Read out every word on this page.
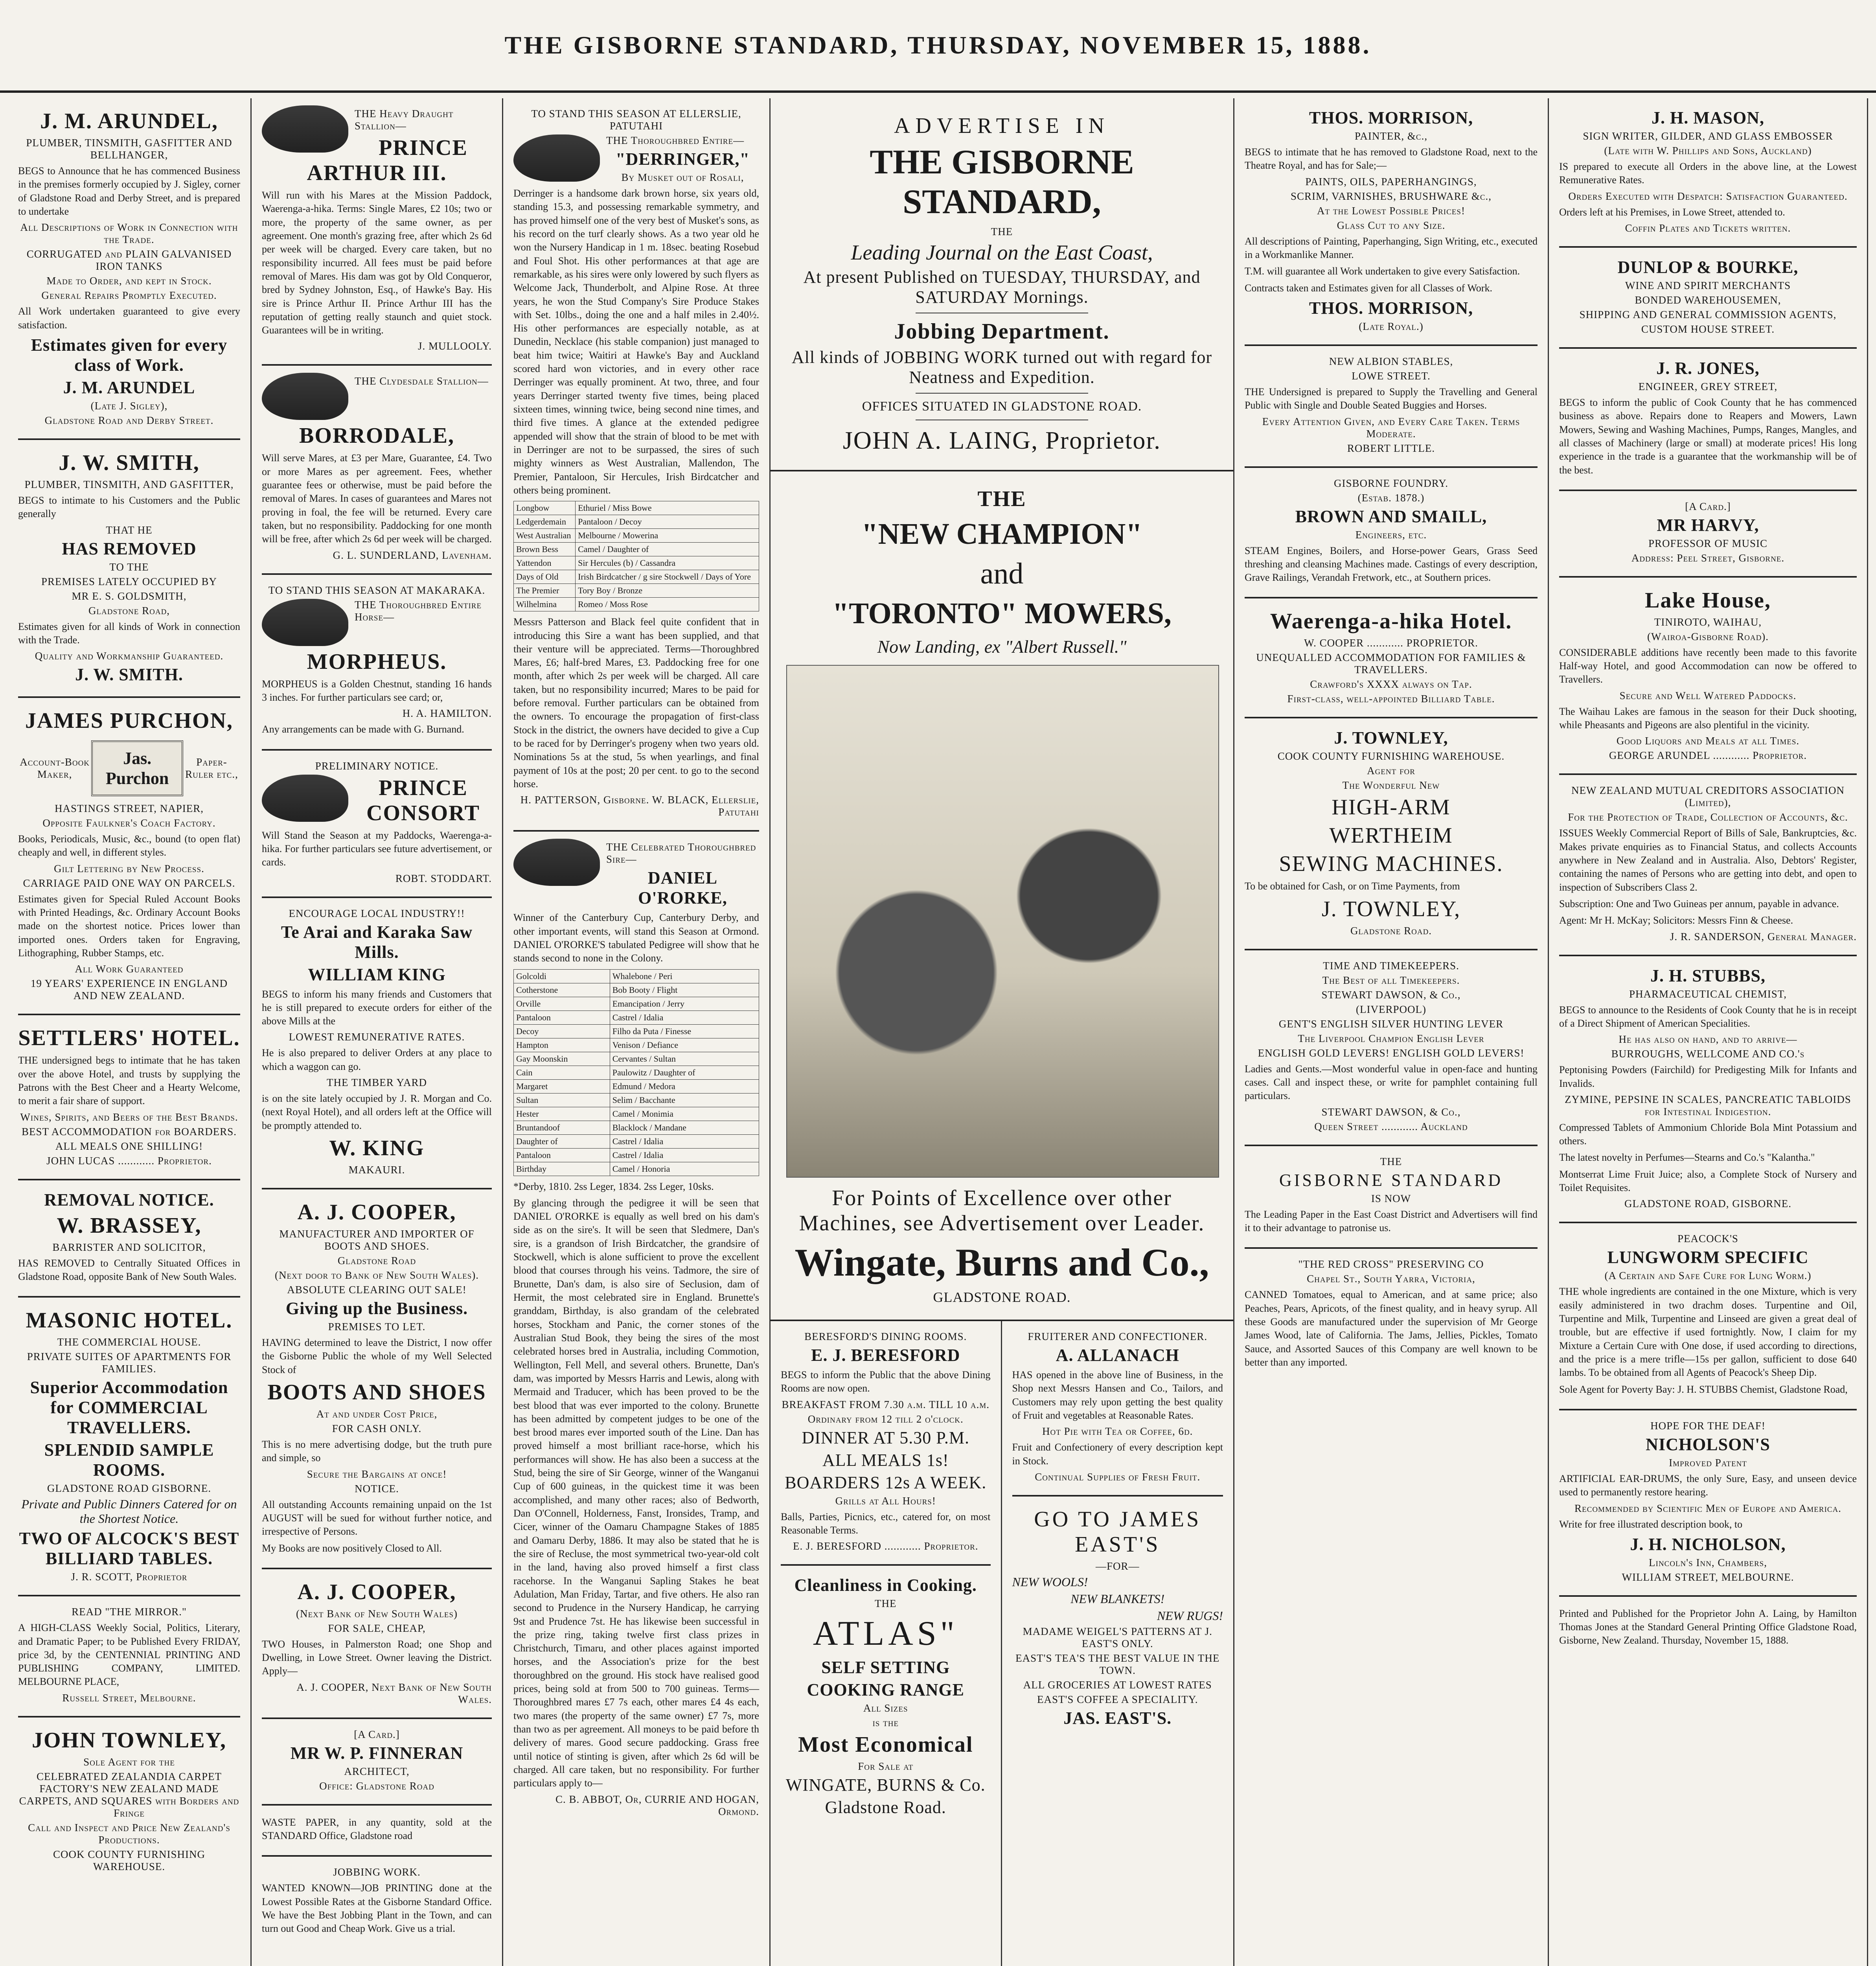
THE GISBORNE STANDARD, THURSDAY, NOVEMBER 15, 1888.
J. M. ARUNDEL,
PLUMBER, TINSMITH, GASFITTER AND BELLHANGER,
BEGS to Announce that he has commenced Business in the premises formerly occupied by J. Sigley, corner of Gladstone Road and Derby Street, and is prepared to undertake
All Descriptions of Work in Connection with the Trade.
CORRUGATED and PLAIN GALVANISED IRON TANKS
Made to Order, and kept in Stock.
General Repairs Promptly Executed.
All Work undertaken guaranteed to give every satisfaction.
Estimates given for every class of Work.
J. M. ARUNDEL
(Late J. Sigley),
Gladstone Road and Derby Street.
J. W. SMITH,
PLUMBER, TINSMITH, AND GASFITTER,
BEGS to intimate to his Customers and the Public generally
THAT HE
HAS REMOVED
TO THE
PREMISES LATELY OCCUPIED BY
MR E. S. GOLDSMITH,
Gladstone Road,
Estimates given for all kinds of Work in connection with the Trade.
Quality and Workmanship Guaranteed.
J. W. SMITH.
JAMES PURCHON,
Account-Book Maker,
Jas. Purchon
Paper-Ruler etc.,
HASTINGS STREET, NAPIER,
Opposite Faulkner's Coach Factory.
Books, Periodicals, Music, &c., bound (to open flat) cheaply and well, in different styles.
Gilt Lettering by New Process.
CARRIAGE PAID ONE WAY ON PARCELS.
Estimates given for Special Ruled Account Books with Printed Headings, &c. Ordinary Account Books made on the shortest notice. Prices lower than imported ones. Orders taken for Engraving, Lithographing, Rubber Stamps, etc.
All Work Guaranteed
19 YEARS' EXPERIENCE IN ENGLAND AND NEW ZEALAND.
SETTLERS' HOTEL.
THE undersigned begs to intimate that he has taken over the above Hotel, and trusts by supplying the Patrons with the Best Cheer and a Hearty Welcome, to merit a fair share of support.
Wines, Spirits, and Beers of the Best Brands.
BEST ACCOMMODATION for BOARDERS.
ALL MEALS ONE SHILLING!
JOHN LUCAS ............ Proprietor.
REMOVAL NOTICE.
W. BRASSEY,
BARRISTER AND SOLICITOR,
HAS REMOVED to Centrally Situated Offices in Gladstone Road, opposite Bank of New South Wales.
MASONIC HOTEL.
THE COMMERCIAL HOUSE.
PRIVATE SUITES OF APARTMENTS FOR FAMILIES.
Superior Accommodation for COMMERCIAL TRAVELLERS.
SPLENDID SAMPLE ROOMS.
GLADSTONE ROAD GISBORNE.
Private and Public Dinners Catered for on the Shortest Notice.
TWO OF ALCOCK'S BEST BILLIARD TABLES.
J. R. SCOTT, Proprietor
READ "THE MIRROR."
A HIGH-CLASS Weekly Social, Politics, Literary, and Dramatic Paper; to be Published Every FRIDAY, price 3d, by the CENTENNIAL PRINTING AND PUBLISHING COMPANY, LIMITED. MELBOURNE PLACE,
Russell Street, Melbourne.
JOHN TOWNLEY,
Sole Agent for the
CELEBRATED ZEALANDIA CARPET FACTORY'S NEW ZEALAND MADE CARPETS, AND SQUARES with Borders and Fringe
Call and Inspect and Price New Zealand's Productions.
COOK COUNTY FURNISHING WAREHOUSE.
THE Heavy Draught Stallion—
PRINCE ARTHUR III.
Will run with his Mares at the Mission Paddock, Waerenga-a-hika. Terms: Single Mares, £2 10s; two or more, the property of the same owner, as per agreement. One month's grazing free, after which 2s 6d per week will be charged. Every care taken, but no responsibility incurred. All fees must be paid before removal of Mares. His dam was got by Old Conqueror, bred by Sydney Johnston, Esq., of Hawke's Bay. His sire is Prince Arthur II. Prince Arthur III has the reputation of getting really staunch and quiet stock. Guarantees will be in writing.
J. MULLOOLY.
THE Clydesdale Stallion—
BORRODALE,
Will serve Mares, at £3 per Mare, Guarantee, £4. Two or more Mares as per agreement. Fees, whether guarantee fees or otherwise, must be paid before the removal of Mares. In cases of guarantees and Mares not proving in foal, the fee will be returned. Every care taken, but no responsibility. Paddocking for one month will be free, after which 2s 6d per week will be charged.
G. L. SUNDERLAND, Lavenham.
TO STAND THIS SEASON AT MAKARAKA.
THE Thoroughbred Entire Horse—
MORPHEUS.
MORPHEUS is a Golden Chestnut, standing 16 hands 3 inches. For further particulars see card; or,
H. A. HAMILTON.
Any arrangements can be made with G. Burnand.
PRELIMINARY NOTICE.
PRINCE CONSORT
Will Stand the Season at my Paddocks, Waerenga-a-hika. For further particulars see future advertisement, or cards.
ROBT. STODDART.
ENCOURAGE LOCAL INDUSTRY!!
Te Arai and Karaka Saw Mills.
WILLIAM KING
BEGS to inform his many friends and Customers that he is still prepared to execute orders for either of the above Mills at the
LOWEST REMUNERATIVE RATES.
He is also prepared to deliver Orders at any place to which a waggon can go.
THE TIMBER YARD
is on the site lately occupied by J. R. Morgan and Co. (next Royal Hotel), and all orders left at the Office will be promptly attended to.
W. KING
MAKAURI.
A. J. COOPER,
MANUFACTURER AND IMPORTER OF BOOTS AND SHOES.
Gladstone Road
(Next door to Bank of New South Wales).
ABSOLUTE CLEARING OUT SALE!
Giving up the Business.
PREMISES TO LET.
HAVING determined to leave the District, I now offer the Gisborne Public the whole of my Well Selected Stock of
BOOTS AND SHOES
At and under Cost Price,
FOR CASH ONLY.
This is no mere advertising dodge, but the truth pure and simple, so
Secure the Bargains at once!
NOTICE.
All outstanding Accounts remaining unpaid on the 1st AUGUST will be sued for without further notice, and irrespective of Persons.
My Books are now positively Closed to All.
A. J. COOPER,
(Next Bank of New South Wales)
FOR SALE, CHEAP,
TWO Houses, in Palmerston Road; one Shop and Dwelling, in Lowe Street. Owner leaving the District. Apply—
A. J. COOPER, Next Bank of New South Wales.
[A Card.]
MR W. P. FINNERAN
ARCHITECT,
Office: Gladstone Road
WASTE PAPER, in any quantity, sold at the STANDARD Office, Gladstone road
JOBBING WORK.
WANTED KNOWN—JOB PRINTING done at the Lowest Possible Rates at the Gisborne Standard Office. We have the Best Jobbing Plant in the Town, and can turn out Good and Cheap Work. Give us a trial.
TO STAND THIS SEASON AT ELLERSLIE, PATUTAHI
THE Thoroughbred Entire—
"DERRINGER,"
By Musket out of Rosali,
Derringer is a handsome dark brown horse, six years old, standing 15.3, and possessing remarkable symmetry, and has proved himself one of the very best of Musket's sons, as his record on the turf clearly shows. As a two year old he won the Nursery Handicap in 1 m. 18sec. beating Rosebud and Foul Shot. His other performances at that age are remarkable, as his sires were only lowered by such flyers as Welcome Jack, Thunderbolt, and Alpine Rose. At three years, he won the Stud Company's Sire Produce Stakes with Set. 10lbs., doing the one and a half miles in 2.40½. His other performances are especially notable, as at Dunedin, Necklace (his stable companion) just managed to beat him twice; Waitiri at Hawke's Bay and Auckland scored hard won victories, and in every other race Derringer was equally prominent. At two, three, and four years Derringer started twenty five times, being placed sixteen times, winning twice, being second nine times, and third five times. A glance at the extended pedigree appended will show that the strain of blood to be met with in Derringer are not to be surpassed, the sires of such mighty winners as West Australian, Mallendon, The Premier, Pantaloon, Sir Hercules, Irish Birdcatcher and others being prominent.
Longbow	Ethuriel / Miss Bowe
Ledgerdemain	Pantaloon / Decoy
West Australian	Melbourne / Mowerina
Brown Bess	Camel / Daughter of
Yattendon	Sir Hercules (b) / Cassandra
Days of Old	Irish Birdcatcher / g sire Stockwell / Days of Yore
The Premier	Tory Boy / Bronze
Wilhelmina	Romeo / Moss Rose
Messrs Patterson and Black feel quite confident that in introducing this Sire a want has been supplied, and that their venture will be appreciated. Terms—Thoroughbred Mares, £6; half-bred Mares, £3. Paddocking free for one month, after which 2s per week will be charged. All care taken, but no responsibility incurred; Mares to be paid for before removal. Further particulars can be obtained from the owners. To encourage the propagation of first-class Stock in the district, the owners have decided to give a Cup to be raced for by Derringer's progeny when two years old. Nominations 5s at the stud, 5s when yearlings, and final payment of 10s at the post; 20 per cent. to go to the second horse.
H. PATTERSON, Gisborne. W. BLACK, Ellerslie, Patutahi
THE Celebrated Thoroughbred Sire—
DANIEL O'RORKE,
Winner of the Canterbury Cup, Canterbury Derby, and other important events, will stand this Season at Ormond. DANIEL O'RORKE'S tabulated Pedigree will show that he stands second to none in the Colony.
Golcoldi	Whalebone / Peri
Cotherstone	Bob Booty / Flight
Orville	Emancipation / Jerry
Pantaloon	Castrel / Idalia
Decoy	Filho da Puta / Finesse
Hampton	Venison / Defiance
Gay Moonskin	Cervantes / Sultan
Cain	Paulowitz / Daughter of
Margaret	Edmund / Medora
Sultan	Selim / Bacchante
Hester	Camel / Monimia
Bruntandoof	Blacklock / Mandane
Daughter of	Castrel / Idalia
Pantaloon	Castrel / Idalia
Birthday	Camel / Honoria
*Derby, 1810. 2ss Leger, 1834. 2ss Leger, 10sks.
By glancing through the pedigree it will be seen that DANIEL O'RORKE is equally as well bred on his dam's side as on the sire's. It will be seen that Sledmere, Dan's sire, is a grandson of Irish Birdcatcher, the grandsire of Stockwell, which is alone sufficient to prove the excellent blood that courses through his veins. Tadmore, the sire of Brunette, Dan's dam, is also sire of Seclusion, dam of Hermit, the most celebrated sire in England. Brunette's granddam, Birthday, is also grandam of the celebrated horses, Stockham and Panic, the corner stones of the Australian Stud Book, they being the sires of the most celebrated horses bred in Australia, including Commotion, Wellington, Fell Mell, and several others. Brunette, Dan's dam, was imported by Messrs Harris and Lewis, along with Mermaid and Traducer, which has been proved to be the best blood that was ever imported to the colony. Brunette has been admitted by competent judges to be one of the best brood mares ever imported south of the Line. Dan has proved himself a most brilliant race-horse, which his performances will show. He has also been a success at the Stud, being the sire of Sir George, winner of the Wanganui Cup of 600 guineas, in the quickest time it was been accomplished, and many other races; also of Bedworth, Dan O'Connell, Holderness, Fanst, Ironsides, Tramp, and Cicer, winner of the Oamaru Champagne Stakes of 1885 and Oamaru Derby, 1886. It may also be stated that he is the sire of Recluse, the most symmetrical two-year-old colt in the land, having also proved himself a first class racehorse. In the Wanganui Sapling Stakes he beat Adulation, Man Friday, Tartar, and five others. He also ran second to Prudence in the Nursery Handicap, he carrying 9st and Prudence 7st. He has likewise been successful in the prize ring, taking twelve first class prizes in Christchurch, Timaru, and other places against imported horses, and the Association's prize for the best thoroughbred on the ground. His stock have realised good prices, being sold at from 500 to 700 guineas. Terms—Thoroughbred mares £7 7s each, other mares £4 4s each, two mares (the property of the same owner) £7 7s, more than two as per agreement. All moneys to be paid before th delivery of mares. Good secure paddocking. Grass free until notice of stinting is given, after which 2s 6d will be charged. All care taken, but no responsibility. For further particulars apply to—
C. B. ABBOT, Or, CURRIE AND HOGAN, Ormond.
ADVERTISE IN
THE GISBORNE STANDARD,
THE
Leading Journal on the East Coast,
At present Published on TUESDAY, THURSDAY, and SATURDAY Mornings.
Jobbing Department.
All kinds of JOBBING WORK turned out with regard for Neatness and Expedition.
OFFICES SITUATED IN GLADSTONE ROAD.
JOHN A. LAING, Proprietor.
THE
"NEW CHAMPION"
and
"TORONTO" MOWERS,
Now Landing, ex "Albert Russell."
For Points of Excellence over other Machines, see Advertisement over Leader.
Wingate, Burns and Co.,
GLADSTONE ROAD.
BERESFORD'S DINING ROOMS.
E. J. BERESFORD
BEGS to inform the Public that the above Dining Rooms are now open.
BREAKFAST FROM 7.30 a.m. TILL 10 a.m.
Ordinary from 12 till 2 o'clock.
DINNER AT 5.30 P.M.
ALL MEALS 1s!
BOARDERS 12s A WEEK.
Grills at All Hours!
Balls, Parties, Picnics, etc., catered for, on most Reasonable Terms.
E. J. BERESFORD ............ Proprietor.
Cleanliness in Cooking.
THE
ATLAS"
SELF SETTING
COOKING RANGE
All Sizes
is the
Most Economical
For Sale at
WINGATE, BURNS & Co.
Gladstone Road.
FRUITERER AND CONFECTIONER.
A. ALLANACH
HAS opened in the above line of Business, in the Shop next Messrs Hansen and Co., Tailors, and Customers may rely upon getting the best quality of Fruit and vegetables at Reasonable Rates.
Hot Pie with Tea or Coffee, 6d.
Fruit and Confectionery of every description kept in Stock.
Continual Supplies of Fresh Fruit.
GO TO JAMES EAST'S
—FOR—
NEW WOOLS!
NEW BLANKETS!
NEW RUGS!
MADAME WEIGEL'S PATTERNS AT J. EAST'S ONLY.
EAST'S TEA'S THE BEST VALUE IN THE TOWN.
ALL GROCERIES AT LOWEST RATES
EAST'S COFFEE A SPECIALITY.
JAS. EAST'S.
THOS. MORRISON,
PAINTER, &c.,
BEGS to intimate that he has removed to Gladstone Road, next to the Theatre Royal, and has for Sale;—
PAINTS, OILS, PAPERHANGINGS,
SCRIM, VARNISHES, BRUSHWARE &c.,
At the Lowest Possible Prices!
Glass Cut to any Size.
All descriptions of Painting, Paperhanging, Sign Writing, etc., executed in a Workmanlike Manner.
T.M. will guarantee all Work undertaken to give every Satisfaction.
Contracts taken and Estimates given for all Classes of Work.
THOS. MORRISON,
(Late Royal.)
NEW ALBION STABLES,
LOWE STREET.
THE Undersigned is prepared to Supply the Travelling and General Public with Single and Double Seated Buggies and Horses.
Every Attention Given, and Every Care Taken. Terms Moderate.
ROBERT LITTLE.
GISBORNE FOUNDRY.
(Estab. 1878.)
BROWN AND SMAILL,
Engineers, etc.
STEAM Engines, Boilers, and Horse-power Gears, Grass Seed threshing and cleansing Machines made. Castings of every description, Grave Railings, Verandah Fretwork, etc., at Southern prices.
Waerenga-a-hika Hotel.
W. COOPER ............ PROPRIETOR.
UNEQUALLED ACCOMMODATION FOR FAMILIES & TRAVELLERS.
Crawford's XXXX always on Tap.
First-class, well-appointed Billiard Table.
J. TOWNLEY,
COOK COUNTY FURNISHING WAREHOUSE.
Agent for
The Wonderful New
HIGH-ARM
WERTHEIM
SEWING MACHINES.
To be obtained for Cash, or on Time Payments, from
J. TOWNLEY,
Gladstone Road.
TIME AND TIMEKEEPERS.
The Best of all Timekeepers.
STEWART DAWSON, & Co.,
(LIVERPOOL)
GENT'S ENGLISH SILVER HUNTING LEVER
The Liverpool Champion English Lever
ENGLISH GOLD LEVERS! ENGLISH GOLD LEVERS!
Ladies and Gents.—Most wonderful value in open-face and hunting cases. Call and inspect these, or write for pamphlet containing full particulars.
STEWART DAWSON, & Co.,
Queen Street ............ Auckland
THE
GISBORNE STANDARD
IS NOW
The Leading Paper in the East Coast District and Advertisers will find it to their advantage to patronise us.
"THE RED CROSS" PRESERVING CO
Chapel St., South Yarra, Victoria,
CANNED Tomatoes, equal to American, and at same price; also Peaches, Pears, Apricots, of the finest quality, and in heavy syrup. All these Goods are manufactured under the supervision of Mr George James Wood, late of California. The Jams, Jellies, Pickles, Tomato Sauce, and Assorted Sauces of this Company are well known to be better than any imported.
J. H. MASON,
SIGN WRITER, GILDER, AND GLASS EMBOSSER
(Late with W. Phillips and Sons, Auckland)
IS prepared to execute all Orders in the above line, at the Lowest Remunerative Rates.
Orders Executed with Despatch: Satisfaction Guaranteed.
Orders left at his Premises, in Lowe Street, attended to.
Coffin Plates and Tickets written.
DUNLOP & BOURKE,
WINE AND SPIRIT MERCHANTS
BONDED WAREHOUSEMEN,
SHIPPING AND GENERAL COMMISSION AGENTS,
CUSTOM HOUSE STREET.
J. R. JONES,
ENGINEER, GREY STREET,
BEGS to inform the public of Cook County that he has commenced business as above. Repairs done to Reapers and Mowers, Lawn Mowers, Sewing and Washing Machines, Pumps, Ranges, Mangles, and all classes of Machinery (large or small) at moderate prices! His long experience in the trade is a guarantee that the workmanship will be of the best.
[A Card.]
MR HARVY,
PROFESSOR OF MUSIC
Address: Peel Street, Gisborne.
Lake House,
TINIROTO, WAIHAU,
(Wairoa-Gisborne Road).
CONSIDERABLE additions have recently been made to this favorite Half-way Hotel, and good Accommodation can now be offered to Travellers.
Secure and Well Watered Paddocks.
The Waihau Lakes are famous in the season for their Duck shooting, while Pheasants and Pigeons are also plentiful in the vicinity.
Good Liquors and Meals at all Times.
GEORGE ARUNDEL ............ Proprietor.
NEW ZEALAND MUTUAL CREDITORS ASSOCIATION (Limited),
For the Protection of Trade, Collection of Accounts, &c.
ISSUES Weekly Commercial Report of Bills of Sale, Bankruptcies, &c. Makes private enquiries as to Financial Status, and collects Accounts anywhere in New Zealand and in Australia. Also, Debtors' Register, containing the names of Persons who are getting into debt, and open to inspection of Subscribers Class 2.
Subscription: One and Two Guineas per annum, payable in advance.
Agent: Mr H. McKay; Solicitors: Messrs Finn & Cheese.
J. R. SANDERSON, General Manager.
J. H. STUBBS,
PHARMACEUTICAL CHEMIST,
BEGS to announce to the Residents of Cook County that he is in receipt of a Direct Shipment of American Specialities.
He has also on hand, and to arrive—
BURROUGHS, WELLCOME AND CO.'s
Peptonising Powders (Fairchild) for Predigesting Milk for Infants and Invalids.
ZYMINE, PEPSINE IN SCALES, PANCREATIC TABLOIDS for Intestinal Indigestion.
Compressed Tablets of Ammonium Chloride Bola Mint Potassium and others.
The latest novelty in Perfumes—Stearns and Co.'s "Kalantha."
Montserrat Lime Fruit Juice; also, a Complete Stock of Nursery and Toilet Requisites.
GLADSTONE ROAD, GISBORNE.
PEACOCK'S
LUNGWORM SPECIFIC
(A Certain and Safe Cure for Lung Worm.)
THE whole ingredients are contained in the one Mixture, which is very easily administered in two drachm doses. Turpentine and Oil, Turpentine and Milk, Turpentine and Linseed are given a great deal of trouble, but are effective if used fortnightly. Now, I claim for my Mixture a Certain Cure with One dose, if used according to directions, and the price is a mere trifle—15s per gallon, sufficient to dose 640 lambs. To be obtained from all Agents of Peacock's Sheep Dip.
Sole Agent for Poverty Bay: J. H. STUBBS Chemist, Gladstone Road,
HOPE FOR THE DEAF!
NICHOLSON'S
Improved Patent
ARTIFICIAL EAR-DRUMS, the only Sure, Easy, and unseen device used to permanently restore hearing.
Recommended by Scientific Men of Europe and America.
Write for free illustrated description book, to
J. H. NICHOLSON,
Lincoln's Inn, Chambers,
WILLIAM STREET, MELBOURNE.
Printed and Published for the Proprietor John A. Laing, by Hamilton Thomas Jones at the Standard General Printing Office Gladstone Road, Gisborne, New Zealand. Thursday, November 15, 1888.
